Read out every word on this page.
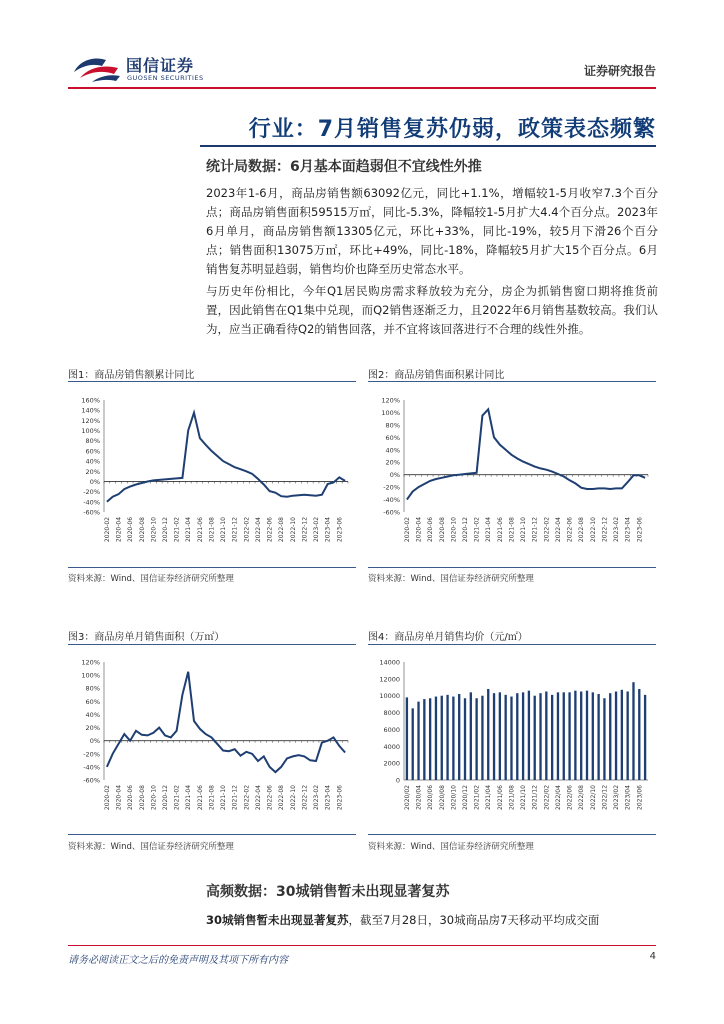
国信证券
GUOSEN SECURITIES	证券研究报告
行业：7月销售复苏仍弱，政策表态频繁
统计局数据：6月基本面趋弱但不宜线性外推
2023年1-6月，商品房销售额63092亿元，同比+1.1%，增幅较1-5月收窄7.3个百分点；商品房销售面积59515万㎡，同比-5.3%，降幅较1-5月扩大4.4个百分点。2023年6月单月，商品房销售额13305亿元，环比+33%，同比-19%，较5月下滑26个百分点；销售面积13075万㎡，环比+49%，同比-18%，降幅较5月扩大15个百分点。6月销售复苏明显趋弱，销售均价也降至历史常态水平。
与历史年份相比，今年Q1居民购房需求释放较为充分，房企为抓销售窗口期将推货前置，因此销售在Q1集中兑现，而Q2销售逐渐乏力，且2022年6月销售基数较高。我们认为，应当正确看待Q2的销售回落，并不宜将该回落进行不合理的线性外推。
图1：商品房销售额累计同比
160%
140%
120%
100%
80%
60%
40%
20%
0%
-20%
-40%
-60%
2020-02 2020-04 2020-06 2020-08 2020-10 2020-12 2021-02 2021-04 2021-06 2021-08 2021-10 2021-12 2022-02 2022-04 2022-06 2022-08 2022-10 2022-12 2023-02 2023-04 2023-06
资料来源：Wind、国信证券经济研究所整理
图2：商品房销售面积累计同比
120%
100%
80%
60%
40%
20%
0%
-20%
-40%
-60%
2020-02 2020-04 2020-06 2020-08 2020-10 2020-12 2021-02 2021-04 2021-06 2021-08 2021-10 2021-12 2022-02 2022-04 2022-06 2022-08 2022-10 2022-12 2023-02 2023-04 2023-06
资料来源：Wind、国信证券经济研究所整理
图3：商品房单月销售面积（万㎡）
120%
100%
80%
60%
40%
20%
0%
-20%
-40%
-60%
2020-02 2020-04 2020-06 2020-08 2020-10 2020-12 2021-02 2021-04 2021-06 2021-08 2021-10 2021-12 2022-02 2022-04 2022-06 2022-08 2022-10 2022-12 2023-02 2023-04 2023-06
资料来源：Wind、国信证券经济研究所整理
图4：商品房单月销售均价（元/㎡）
14000
12000
10000
8000
6000
4000
2000
0
2020/02 2020/04 2020/06 2020/08 2020/10 2020/12 2021/02 2021/04 2021/06 2021/08 2021/10 2021/12 2022/02 2022/04 2022/06 2022/08 2022/10 2022/12 2023/02 2023/04 2023/06
资料来源：Wind、国信证券经济研究所整理
高频数据：30城销售暂未出现显著复苏
30城销售暂未出现显著复苏，截至7月28日，30城商品房7天移动平均成交面
请务必阅读正文之后的免责声明及其项下所有内容	4
